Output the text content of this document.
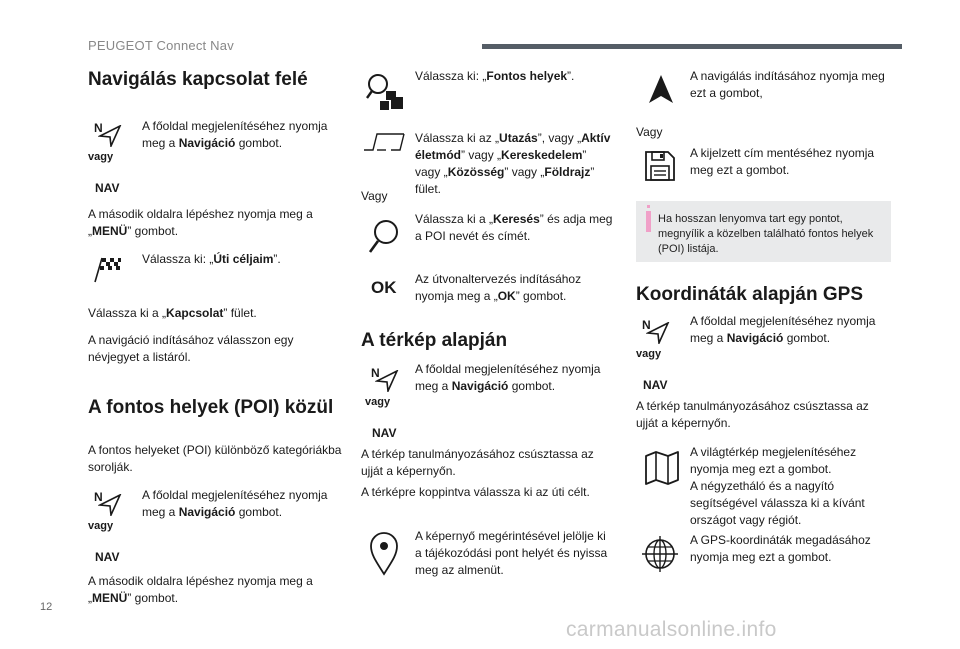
PEUGEOT Connect Nav
Navigálás kapcsolat felé
N
vagy
NAV
A főoldal megjelenítéséhez nyomja meg a Navigáció gombot.
A második oldalra lépéshez nyomja meg a „MENÜ” gombot.
Válassza ki: „Úti céljaim”.
Válassza ki a „Kapcsolat” fület.
A navigáció indításához válasszon egy névjegyet a listáról.
A fontos helyek (POI) közül
A fontos helyeket (POI) különböző kategóriákba sorolják.
N
vagy
NAV
A főoldal megjelenítéséhez nyomja meg a Navigáció gombot.
A második oldalra lépéshez nyomja meg a „MENÜ” gombot.
Válassza ki: „Fontos helyek”.
Válassza ki az „Utazás”, vagy „Aktív életmód” vagy „Kereskedelem” vagy „Közösség” vagy „Földrajz” fület.
Vagy
Válassza ki a „Keresés” és adja meg a POI nevét és címét.
OK Az útvonaltervezés indításához nyomja meg a „OK” gombot.
A térkép alapján
N
vagy
NAV
A főoldal megjelenítéséhez nyomja meg a Navigáció gombot.
A térkép tanulmányozásához csúsztassa az ujját a képernyőn.
A térképre koppintva válassza ki az úti célt.
A képernyő megérintésével jelölje ki a tájékozódási pont helyét és nyissa meg az almenüt.
A navigálás indításához nyomja meg ezt a gombot,
Vagy
A kijelzett cím mentéséhez nyomja meg ezt a gombot.
Koordináták alapján GPS
N
vagy
NAV
A főoldal megjelenítéséhez nyomja meg a Navigáció gombot.
A térkép tanulmányozásához csúsztassa az ujját a képernyőn.
A világtérkép megjelenítéséhez nyomja meg ezt a gombot.
A négyzetháló és a nagyító segítségével válassza ki a kívánt országot vagy régiót.
A GPS-koordináták megadásához nyomja meg ezt a gombot.
Ha hosszan lenyomva tart egy pontot, megnyílik a közelben található fontos helyek (POI) listája.
12
carmanualsonline.info
